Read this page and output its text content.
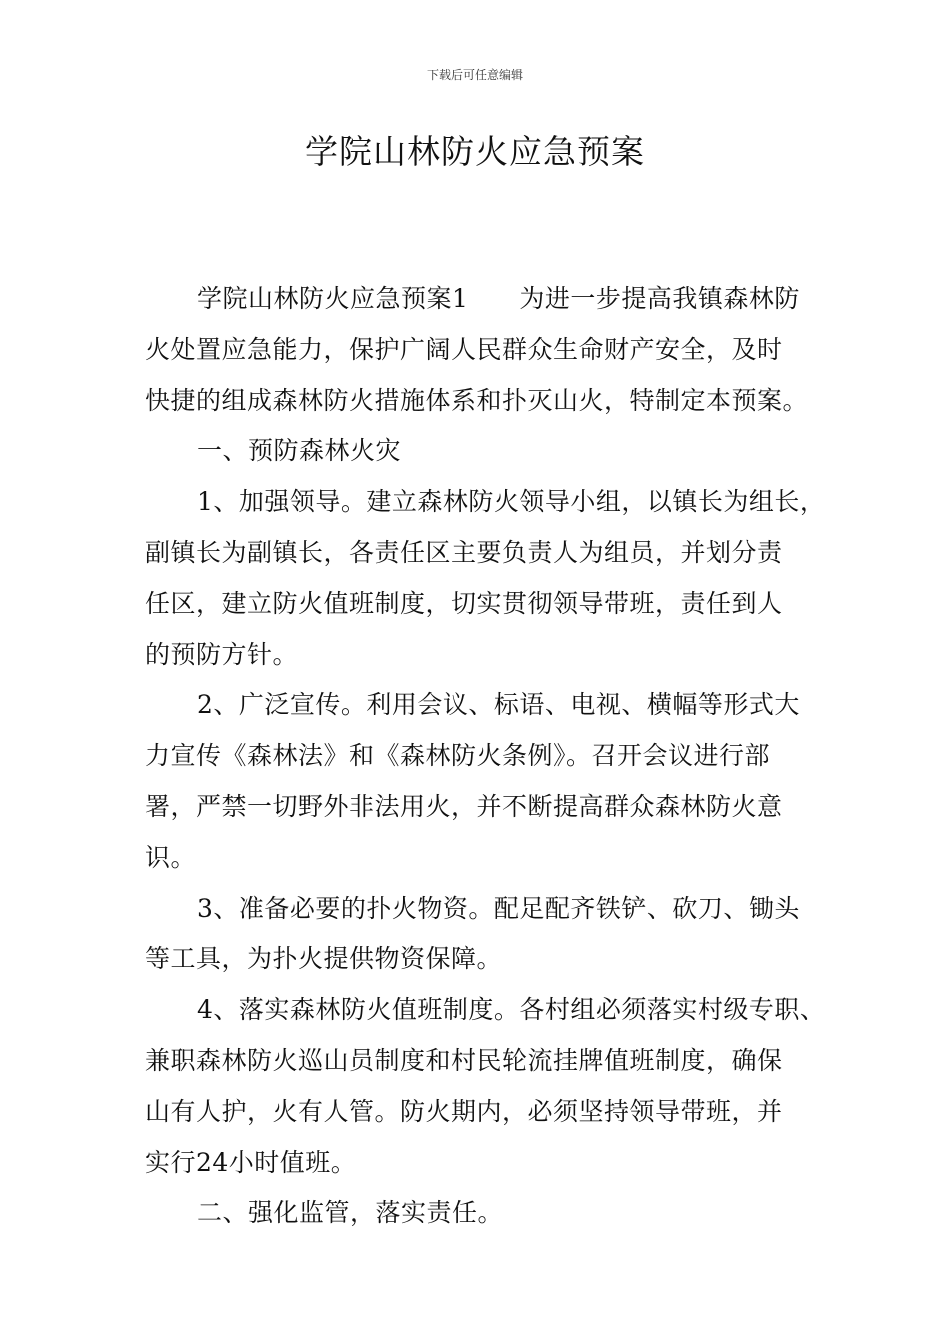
下载后可任意编辑
学院山林防火应急预案
学院山林防火应急预案1　　为进一步提高我镇森林防
火处置应急能力，保护广阔人民群众生命财产安全，及时
快捷的组成森林防火措施体系和扑灭山火，特制定本预案。
一、预防森林火灾
1、加强领导。建立森林防火领导小组，以镇长为组长，
副镇长为副镇长，各责任区主要负责人为组员，并划分责
任区，建立防火值班制度，切实贯彻领导带班，责任到人
的预防方针。
2、广泛宣传。利用会议、标语、电视、横幅等形式大
力宣传《森林法》和《森林防火条例》。召开会议进行部
署，严禁一切野外非法用火，并不断提高群众森林防火意
识。
3、准备必要的扑火物资。配足配齐铁铲、砍刀、锄头
等工具，为扑火提供物资保障。
4、落实森林防火值班制度。各村组必须落实村级专职、
兼职森林防火巡山员制度和村民轮流挂牌值班制度，确保
山有人护，火有人管。防火期内，必须坚持领导带班，并
实行24小时值班。
二、强化监管，落实责任。
